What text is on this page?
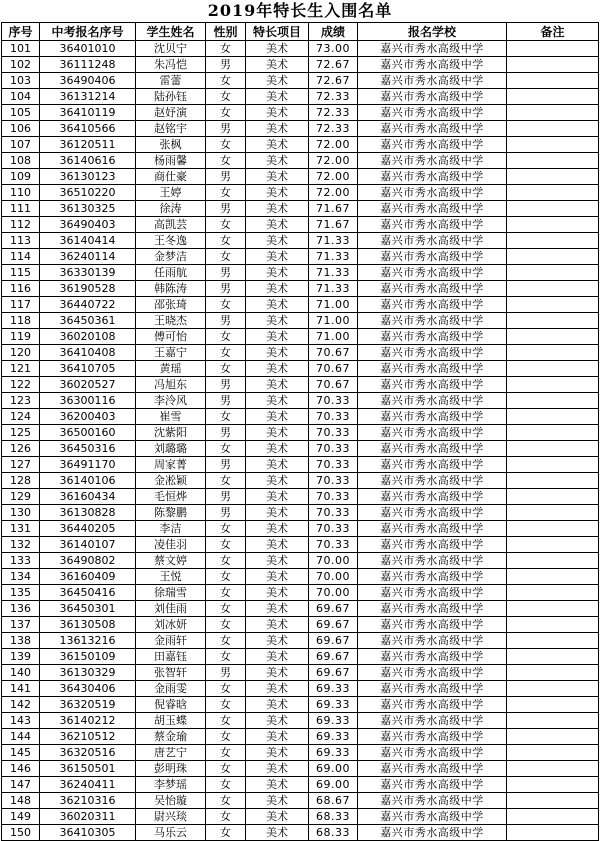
2019年特长生入围名单
序号	中考报名序号	学生姓名	性别	特长项目	成绩	报名学校	备注
101	36401010	沈贝宁	女	美术	73.00	嘉兴市秀水高级中学	
102	36111248	朱冯恺	男	美术	72.67	嘉兴市秀水高级中学	
103	36490406	雷蕾	女	美术	72.67	嘉兴市秀水高级中学	
104	36131214	陆孙钰	女	美术	72.33	嘉兴市秀水高级中学	
105	36410119	赵妤演	女	美术	72.33	嘉兴市秀水高级中学	
106	36410566	赵铭宇	男	美术	72.33	嘉兴市秀水高级中学	
107	36120511	张枫	女	美术	72.00	嘉兴市秀水高级中学	
108	36140616	杨雨馨	女	美术	72.00	嘉兴市秀水高级中学	
109	36130123	商仕豪	男	美术	72.00	嘉兴市秀水高级中学	
110	36510220	王婷	女	美术	72.00	嘉兴市秀水高级中学	
111	36130325	徐涛	男	美术	71.67	嘉兴市秀水高级中学	
112	36490403	高凯芸	女	美术	71.67	嘉兴市秀水高级中学	
113	36140414	王冬逸	女	美术	71.33	嘉兴市秀水高级中学	
114	36240114	金梦洁	女	美术	71.33	嘉兴市秀水高级中学	
115	36330139	任雨航	男	美术	71.33	嘉兴市秀水高级中学	
116	36190528	韩陈涛	男	美术	71.33	嘉兴市秀水高级中学	
117	36440722	邵张琦	女	美术	71.00	嘉兴市秀水高级中学	
118	36450361	王晓杰	男	美术	71.00	嘉兴市秀水高级中学	
119	36020108	傅可怡	女	美术	71.00	嘉兴市秀水高级中学	
120	36410408	王嘉宁	女	美术	70.67	嘉兴市秀水高级中学	
121	36410705	黄瑶	女	美术	70.67	嘉兴市秀水高级中学	
122	36020527	冯旭东	男	美术	70.67	嘉兴市秀水高级中学	
123	36300116	李泠风	男	美术	70.33	嘉兴市秀水高级中学	
124	36200403	崔雪	女	美术	70.33	嘉兴市秀水高级中学	
125	36500160	沈紫阳	男	美术	70.33	嘉兴市秀水高级中学	
126	36450316	刘璐璐	女	美术	70.33	嘉兴市秀水高级中学	
127	36491170	周家菁	男	美术	70.33	嘉兴市秀水高级中学	
128	36140106	金凇颖	女	美术	70.33	嘉兴市秀水高级中学	
129	36160434	毛恒烨	男	美术	70.33	嘉兴市秀水高级中学	
130	36130828	陈黎鹏	男	美术	70.33	嘉兴市秀水高级中学	
131	36440205	李洁	女	美术	70.33	嘉兴市秀水高级中学	
132	36140107	凌佳羽	女	美术	70.33	嘉兴市秀水高级中学	
133	36490802	蔡文婷	女	美术	70.00	嘉兴市秀水高级中学	
134	36160409	王悦	女	美术	70.00	嘉兴市秀水高级中学	
135	36450416	徐瑞雪	女	美术	70.00	嘉兴市秀水高级中学	
136	36450301	刘佳雨	女	美术	69.67	嘉兴市秀水高级中学	
137	36130508	刘冰妍	女	美术	69.67	嘉兴市秀水高级中学	
138	13613216	金雨轩	女	美术	69.67	嘉兴市秀水高级中学	
139	36150109	田嘉钰	女	美术	69.67	嘉兴市秀水高级中学	
140	36130329	张智轩	男	美术	69.67	嘉兴市秀水高级中学	
141	36430406	金雨雯	女	美术	69.33	嘉兴市秀水高级中学	
142	36320519	倪睿晗	女	美术	69.33	嘉兴市秀水高级中学	
143	36140212	胡玉蝶	女	美术	69.33	嘉兴市秀水高级中学	
144	36210512	蔡金瑜	女	美术	69.33	嘉兴市秀水高级中学	
145	36320516	唐艺宁	女	美术	69.33	嘉兴市秀水高级中学	
146	36150501	彭明珠	女	美术	69.00	嘉兴市秀水高级中学	
147	36240411	李梦瑶	女	美术	69.00	嘉兴市秀水高级中学	
148	36210316	吴怡璇	女	美术	68.67	嘉兴市秀水高级中学	
149	36020311	尉兴琰	女	美术	68.33	嘉兴市秀水高级中学	
150	36410305	马乐云	女	美术	68.33	嘉兴市秀水高级中学	
